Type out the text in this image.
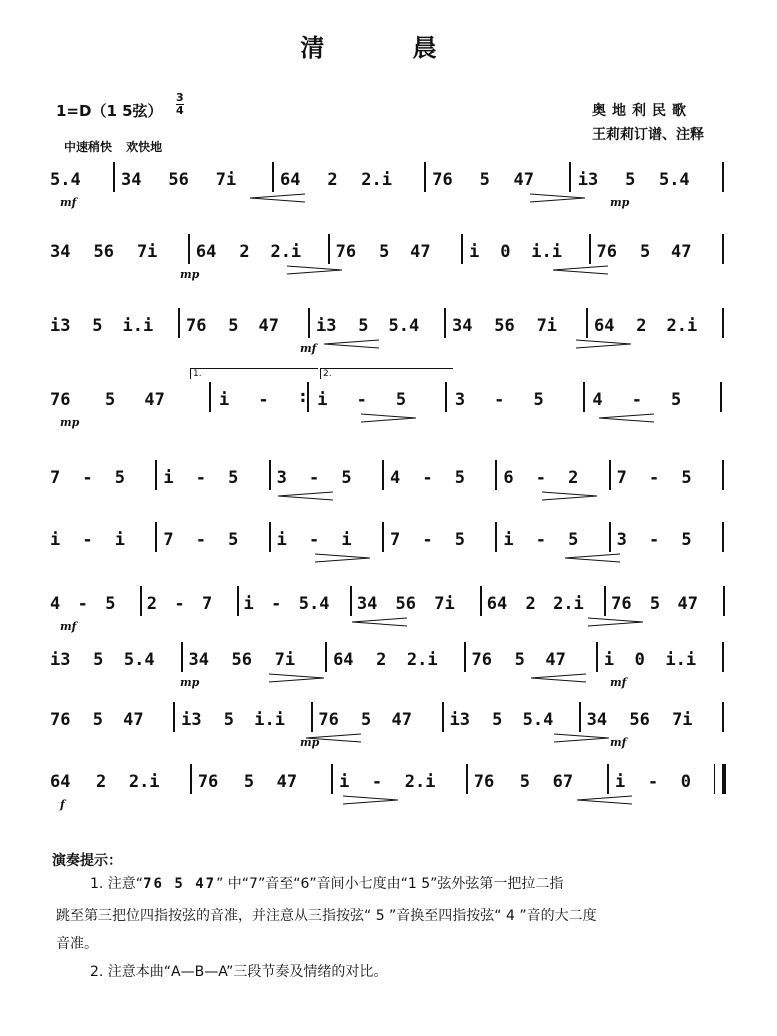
清 晨
1=D（1 5弦） $\frac{3}{4}$	奥地利民歌
王莉莉订谱、注释
中速稍快 欢快地
5.4 34 56 7i	64 2 2.i 76 5 47	i3 5 5.4
mf	mp
34 56 7i 64 2 2.i 76 5 47 i 0 i.i 76 5 47
mp
i3 5 i.i 76 5 47 i3 5 5.4 34 56 7i 64 2 2.i
mf
76 5 47	i -
:	i - 5	3 - 5	4 - 5
1.	2.
mp
7 - 5 i - 5 3 - 5 4 - 5 6 - 2 7 - 5
i - i 7 - 5 i - i 7 - 5 i - 5 3 - 5
4 - 5 2 - 7 i - 5.4 34 56 7i 64 2 2.i 76 5 47
mf
i3 5 5.4 34 56 7i 64 2 2.i 76 5 47 i 0 i.i
mp	mf
76 5 47 i3 5 i.i 76 5 47 i3 5 5.4 34 56 7i
mp	mf
64 2 2.i 76 5 47 i - 2.i 76 5 67 i - 0
f
演奏提示：
1. 注意“76 5 47” 中“7”音至“6”音间小七度由“1 5”弦外弦第一把拉二指
跳至第三把位四指按弦的音准，并注意从三指按弦“ 5 ”音换至四指按弦“ 4 ”音的大二度
音准。
2. 注意本曲“A—B—A”三段节奏及情绪的对比。
